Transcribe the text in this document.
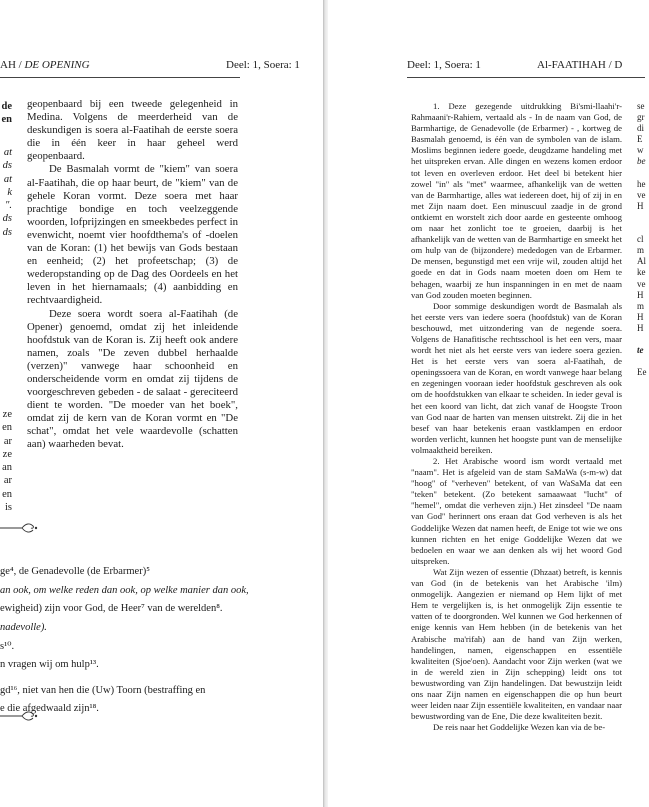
AH / DE OPENING	Deel: 1, Soera: 1
de
en
at
ds
at
k
".
ds
ds
ze
en
ar
ze
an
ar
en
is

geopenbaard bij een tweede gelegenheid in Medina. Volgens de meerderheid van de deskundigen is soera al-Faatihah de eerste soera die in één keer in haar geheel werd geopenbaard.

De Basmalah vormt de "kiem" van soera al-Faatihah, die op haar beurt, de "kiem" van de gehele Koran vormt. Deze soera met haar prachtige bondige en toch veelzeggende woorden, lofprijzingen en smeekbedes perfect in evenwicht, noemt vier hoofdthema's of -doelen van de Koran: (1) het bewijs van Gods bestaan en eenheid; (2) het profeetschap; (3) de wederopstanding op de Dag des Oordeels en het leven in het hiernamaals; (4) aanbidding en rechtvaardigheid.

Deze soera wordt soera al-Faatihah (de Opener) genoemd, omdat zij het inleidende hoofdstuk van de Koran is. Zij heeft ook andere namen, zoals "De zeven dubbel herhaalde (verzen)" vanwege haar schoonheid en onderscheidende vorm en omdat zij tijdens de voorgeschreven gebeden - de salaat - gereciteerd dient te worden. "De moeder van het boek", omdat zij de kern van de Koran vormt en "De schat", omdat het vele waardevolle (schatten aan) waarheden bevat.

ge⁴, de Genadevolle (de Erbarmer)⁵
an ook, om welke reden dan ook, op welke manier dan ook,
ewigheid) zijn voor God, de Heer⁷ van de werelden⁸.
nadevolle).
s¹⁰.
n vragen wij om hulp¹³.
gd¹⁶, niet van hen die (Uw) Toorn (bestraffing en
e die afgedwaald zijn¹⁸.
Deel: 1, Soera: 1	Al-FAATIHAH / D

1. Deze gezegende uitdrukking Bi'smi-llaahi'r-Rahmaani'r-Rahiem, vertaald als - In de naam van God, de Barmhartige, de Genadevolle (de Erbarmer) - , kortweg de Basmalah genoemd, is één van de symbolen van de islam. Moslims beginnen iedere goede, deugdzame handeling met het uitspreken ervan. Alle dingen en wezens komen erdoor tot leven en overleven erdoor. Het deel bi betekent hier zowel "in" als "met" waarmee, afhankelijk van de wetten van de Barmhartige, alles wat iedereen doet, hij of zij in en met Zijn naam doet. Een minuscuul zaadje in de grond ontkiemt en worstelt zich door aarde en gesteente omhoog om naar het zonlicht toe te groeien, daarbij is het afhankelijk van de wetten van de Barmhartige en smeekt het om hulp van de (bijzondere) mededogen van de Erbarmer. De mensen, begunstigd met een vrije wil, zouden altijd het goede en dat in Gods naam moeten doen om Hem te behagen, waarbij ze hun inspanningen in en met de naam van God zouden moeten beginnen.

Door sommige deskundigen wordt de Basmalah als het eerste vers van iedere soera (hoofdstuk) van de Koran beschouwd, met uitzondering van de negende soera. Volgens de Hanafitische rechtsschool is het een vers, maar wordt het niet als het eerste vers van iedere soera gezien. Het is het eerste vers van soera al-Faatihah, de openingssoera van de Koran, en wordt vanwege haar belang en zegeningen vooraan ieder hoofdstuk geschreven als ook om de hoofdstukken van elkaar te scheiden. In ieder geval is het een koord van licht, dat zich vanaf de Hoogste Troon van God naar de harten van mensen uitstrekt. Zij die in het besef van haar betekenis eraan vastklampen en erdoor worden verlicht, kunnen het hoogste punt van de menselijke volmaaktheid bereiken.

2. Het Arabische woord ism wordt vertaald met "naam". Het is afgeleid van de stam SaMaWa (s-m-w) dat "hoog" of "verheven" betekent, of van WaSaMa dat een "teken" betekent. (Zo betekent samaawaat "lucht" of "hemel", omdat die verheven zijn.) Het zinsdeel "De naam van God" herinnert ons eraan dat God verheven is als het Goddelijke Wezen dat namen heeft, de Enige tot wie we ons kunnen richten en het enige Goddelijke Wezen dat we bedoelen en waar we aan denken als wij het woord God uitspreken.

Wat Zijn wezen of essentie (Dhzaat) betreft, is kennis van God (in de betekenis van het Arabische 'ilm) onmogelijk. Aangezien er niemand op Hem lijkt of met Hem te vergelijken is, is het onmogelijk Zijn essentie te vatten of te doorgronden. Wel kunnen we God herkennen of enige kennis van Hem hebben (in de betekenis van het Arabische ma'rifah) aan de hand van Zijn werken, handelingen, namen, eigenschappen en essentiële kwaliteiten (Sjoe'oen). Aandacht voor Zijn werken (wat we in de wereld zien in Zijn schepping) leidt ons tot bewustwording van Zijn handelingen. Dat bewustzijn leidt ons naar Zijn namen en eigenschappen die op hun beurt weer leiden naar Zijn essentiële kwaliteiten, en vandaar naar bewustwording van de Ene, Die deze kwaliteiten bezit.

De reis naar het Goddelijke Wezen kan via de be-

se
gr
di
E
w
be

he
ve
H

cl
m
Al
ke
ve
H
m
H
H

te

Ee
